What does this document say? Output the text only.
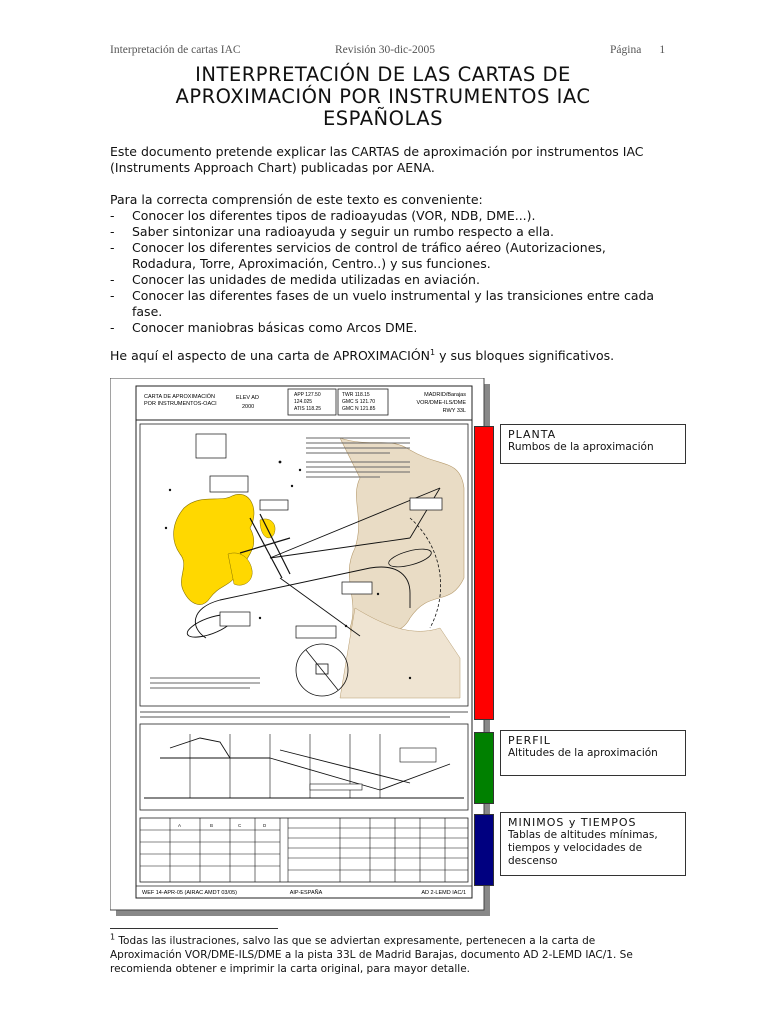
Interpretación de cartas IAC	Revisión 30-dic-2005	Página 1
INTERPRETACIÓN DE LAS CARTAS DE
APROXIMACIÓN POR INSTRUMENTOS IAC
ESPAÑOLAS
Este documento pretende explicar las CARTAS de aproximación por instrumentos IAC (Instruments Approach Chart) publicadas por AENA.
Para la correcta comprensión de este texto es conveniente:
- Conocer los diferentes tipos de radioayudas (VOR, NDB, DME...).
- Saber sintonizar una radioayuda y seguir un rumbo respecto a ella.
- Conocer los diferentes servicios de control de tráfico aéreo (Autorizaciones, Rodadura, Torre, Aproximación, Centro..) y sus funciones.
- Conocer las unidades de medida utilizadas en aviación.
- Conocer las diferentes fases de un vuelo instrumental y las transiciones entre cada fase.
- Conocer maniobras básicas como Arcos DME.
He aquí el aspecto de una carta de APROXIMACIÓN$^1$ y sus bloques significativos.
CARTA DE APROXIMACIÓN POR INSTRUMENTOS-OACI
ELEV AD
2000
APP 127.50 124.025 ATIS 118.25
TWR 118.15 GMC S 121.70 GMC N 121.85
MADRID/Barajas
VOR/DME-ILS/DME
RWY 33L
A	B	C	D
WEF 14-APR-05 (AIRAC AMDT 03/05)	AIP-ESPAÑA	AD 2-LEMD IAC/1
PLANTA
Rumbos de la aproximación
PERFIL
Altitudes de la aproximación
MINIMOS y TIEMPOS
Tablas de altitudes mínimas, tiempos y velocidades de descenso
$^1$ Todas las ilustraciones, salvo las que se adviertan expresamente, pertenecen a la carta de Aproximación VOR/DME-ILS/DME a la pista 33L de Madrid Barajas, documento AD 2-LEMD IAC/1. Se recomienda obtener e imprimir la carta original, para mayor detalle.
